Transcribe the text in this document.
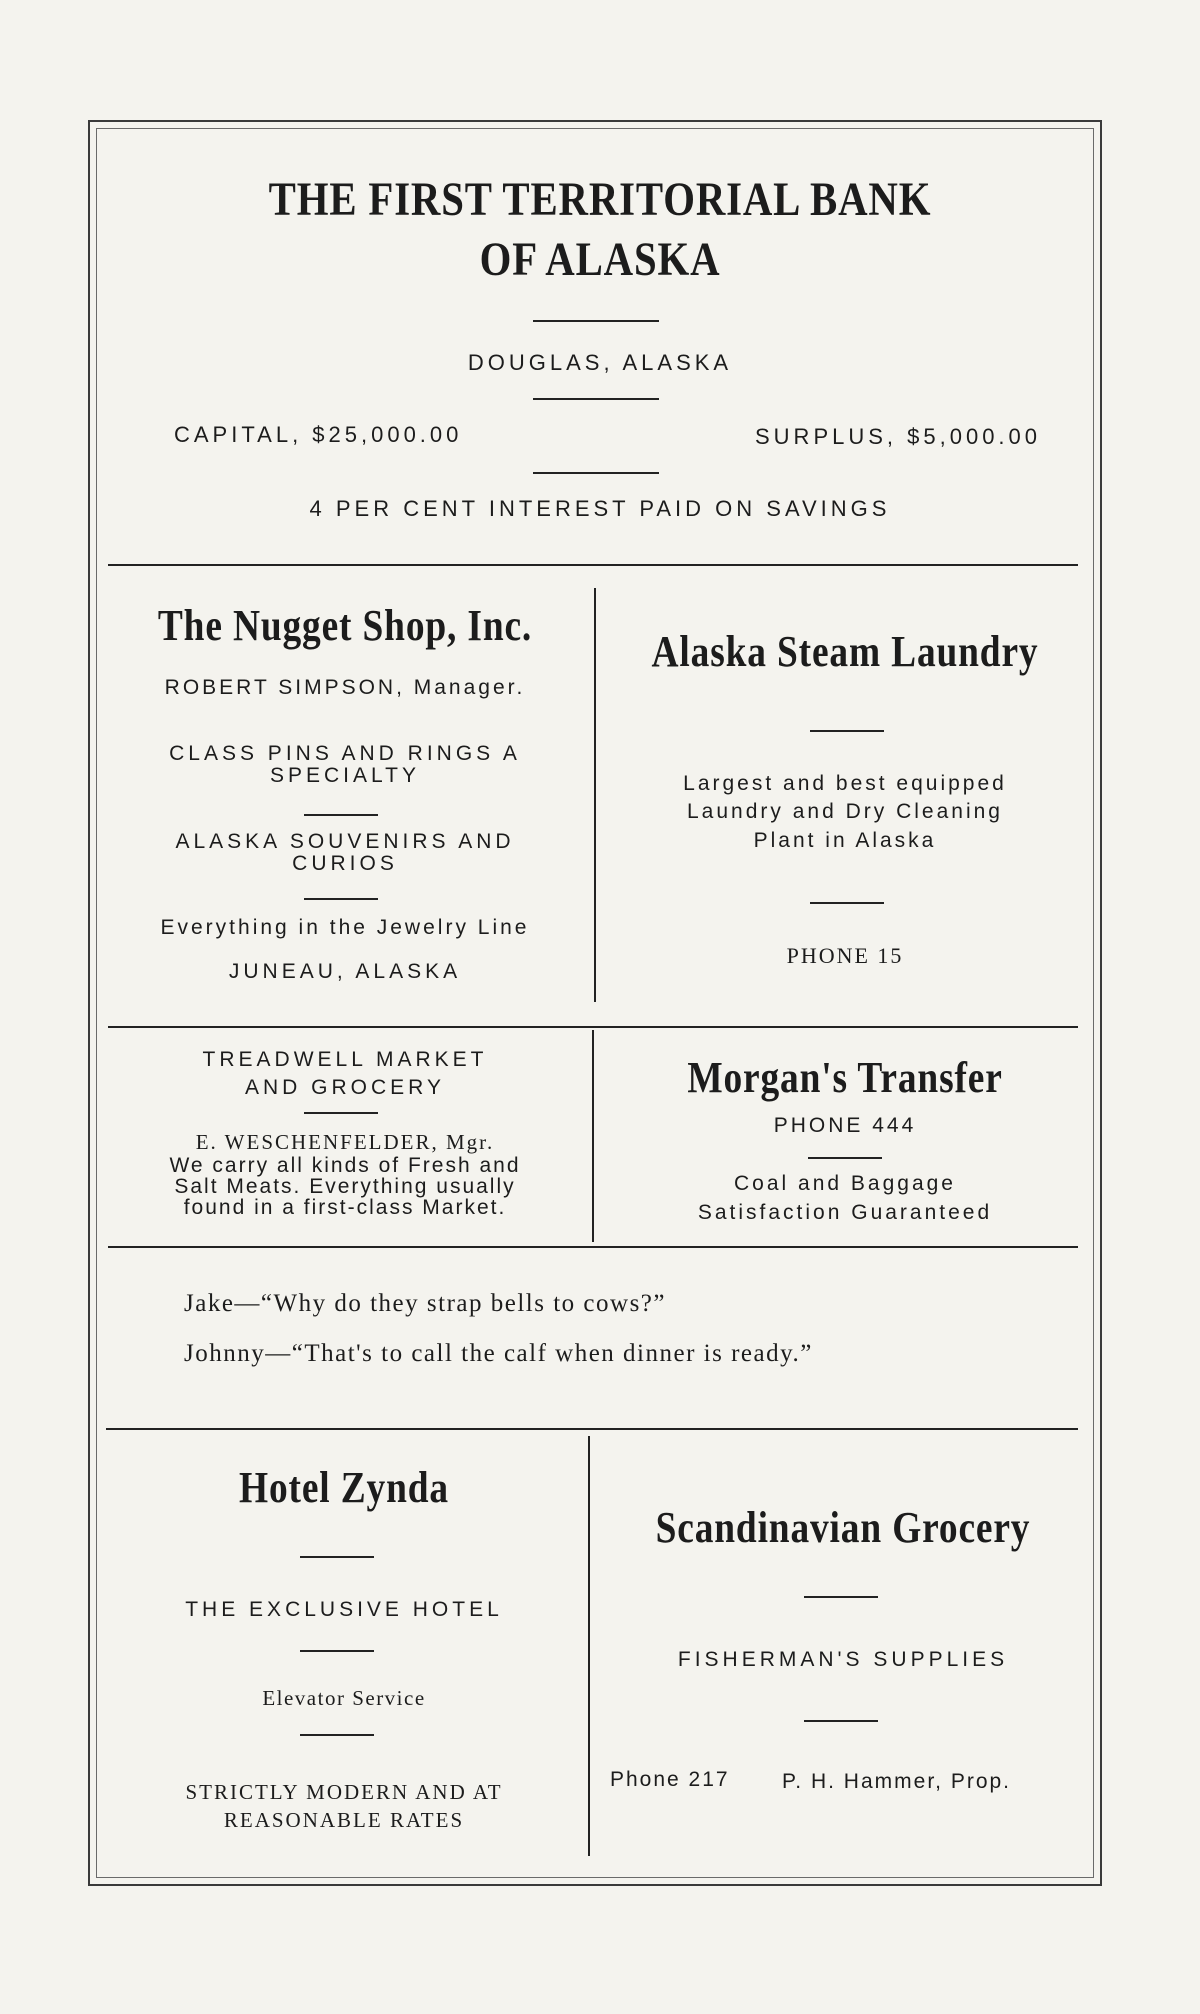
THE FIRST TERRITORIAL BANK
OF ALASKA
DOUGLAS, ALASKA
CAPITAL, $25,000.00	SURPLUS, $5,000.00
4 PER CENT INTEREST PAID ON SAVINGS
The Nugget Shop, Inc.
ROBERT SIMPSON, Manager.
CLASS PINS AND RINGS A
SPECIALTY
ALASKA SOUVENIRS AND
CURIOS
Everything in the Jewelry Line
JUNEAU, ALASKA
Alaska Steam Laundry
Largest and best equipped
Laundry and Dry Cleaning
Plant in Alaska
PHONE 15
TREADWELL MARKET
AND GROCERY
E. WESCHENFELDER, Mgr.
We carry all kinds of Fresh and
Salt Meats. Everything usually
found in a first-class Market.
Morgan's Transfer
PHONE 444
Coal and Baggage
Satisfaction Guaranteed
Jake—“Why do they strap bells to cows?”
Johnny—“That's to call the calf when dinner is ready.”
Hotel Zynda
THE EXCLUSIVE HOTEL
Elevator Service
STRICTLY MODERN AND AT
REASONABLE RATES
Scandinavian Grocery
FISHERMAN'S SUPPLIES
Phone 217 P. H. Hammer, Prop.
